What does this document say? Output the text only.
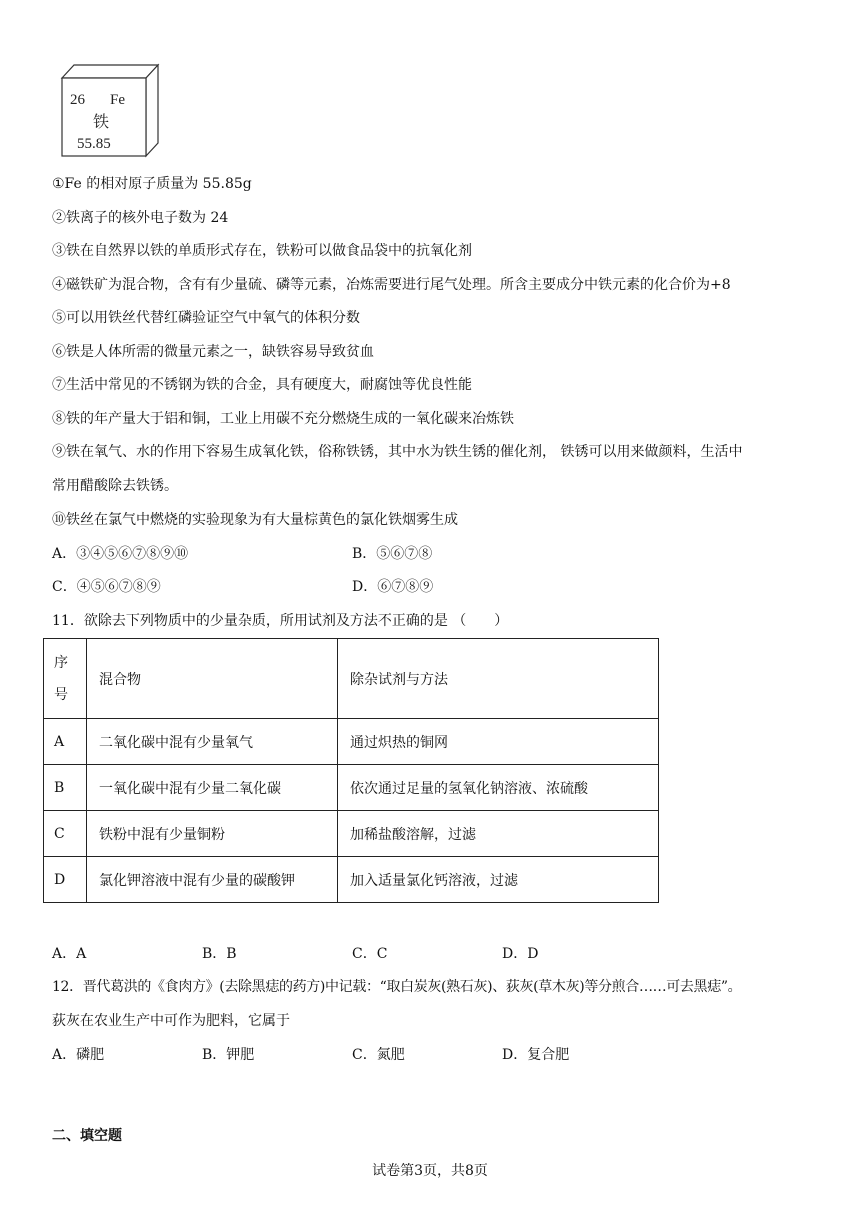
26 Fe
铁
55.85
①Fe 的相对原子质量为 55.85g
②铁离子的核外电子数为 24
③铁在自然界以铁的单质形式存在，铁粉可以做食品袋中的抗氧化剂
④磁铁矿为混合物，含有有少量硫、磷等元素，冶炼需要进行尾气处理。所含主要成分中铁元素的化合价为+8
⑤可以用铁丝代替红磷验证空气中氧气的体积分数
⑥铁是人体所需的微量元素之一，缺铁容易导致贫血
⑦生活中常见的不锈钢为铁的合金，具有硬度大，耐腐蚀等优良性能
⑧铁的年产量大于铝和铜，工业上用碳不充分燃烧生成的一氧化碳来冶炼铁
⑨铁在氧气、水的作用下容易生成氧化铁，俗称铁锈，其中水为铁生锈的催化剂， 铁锈可以用来做颜料，生活中
常用醋酸除去铁锈。
⑩铁丝在氯气中燃烧的实验现象为有大量棕黄色的氯化铁烟雾生成
A．③④⑤⑥⑦⑧⑨⑩	B．⑤⑥⑦⑧
C．④⑤⑥⑦⑧⑨	D．⑥⑦⑧⑨
11．欲除去下列物质中的少量杂质，所用试剂及方法不正确的是 （　　）
序
号	混合物	除杂试剂与方法
A	二氧化碳中混有少量氧气	通过炽热的铜网
B	一氧化碳中混有少量二氧化碳	依次通过足量的氢氧化钠溶液、浓硫酸
C	铁粉中混有少量铜粉	加稀盐酸溶解，过滤
D	氯化钾溶液中混有少量的碳酸钾	加入适量氯化钙溶液，过滤
A．A	B．B	C．C	D．D
12．晋代葛洪的《食肉方》(去除黑痣的药方)中记载：“取白炭灰(熟石灰)、荻灰(草木灰)等分煎合……可去黑痣”。
荻灰在农业生产中可作为肥料，它属于
A．磷肥	B．钾肥	C．氮肥	D．复合肥
二、填空题
试卷第3页，共8页
